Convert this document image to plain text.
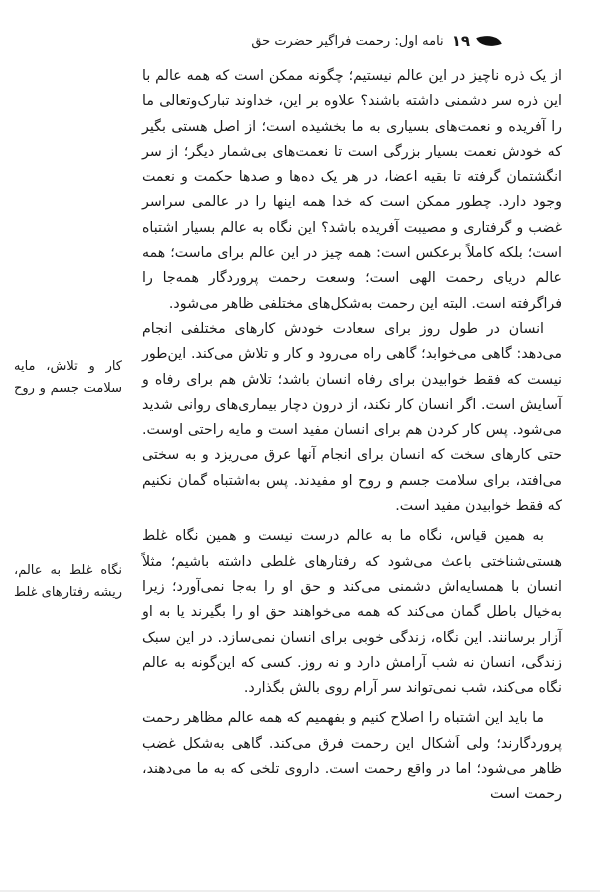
۱۹
نامه اول: رحمت فراگیر حضرت حق

از یک ذره ناچیز در این عالم نیستیم؛ چگونه ممکن است که همه عالم با این ذره سر دشمنی داشته باشند؟ علاوه بر این، خداوند تبارک‌وتعالی ما را آفریده و نعمت‌های بسیاری به ما بخشیده است؛ از اصل هستی بگیر که خودش نعمت بسیار بزرگی است تا نعمت‌های بی‌شمار دیگر؛ از سر انگشتمان گرفته تا بقیه اعضا، در هر یک ده‌ها و صدها حکمت و نعمت وجود دارد. چطور ممکن است که خدا همه اینها را در عالمی سراسر غضب و گرفتاری و مصیبت آفریده باشد؟ این نگاه به عالم بسیار اشتباه است؛ بلکه کاملاً برعکس است: همه چیز در این عالم برای ماست؛ همه عالم دریای رحمت الهی است؛ وسعت رحمت پروردگار همه‌جا را فراگرفته است. البته این رحمت به‌شکل‌های مختلفی ظاهر می‌شود.

انسان در طول روز برای سعادت خودش کارهای مختلفی انجام می‌دهد: گاهی می‌خوابد؛ گاهی راه می‌رود و کار و تلاش می‌کند. این‌طور نیست که فقط خوابیدن برای رفاه انسان باشد؛ تلاش هم برای رفاه و آسایش است. اگر انسان کار نکند، از درون دچار بیماری‌های روانی شدید می‌شود. پس کار کردن هم برای انسان مفید است و مایه راحتی اوست. حتی کارهای سخت که انسان برای انجام آنها عرق می‌ریزد و به سختی می‌افتد، برای سلامت جسم و روح او مفیدند. پس به‌اشتباه گمان نکنیم که فقط خوابیدن مفید است.

به همین قیاس، نگاه ما به عالم درست نیست و همین نگاه غلط هستی‌شناختی باعث می‌شود که رفتارهای غلطی داشته باشیم؛ مثلاً انسان با همسایه‌اش دشمنی می‌کند و حق او را به‌جا نمی‌آورد؛ زیرا به‌خیال باطل گمان می‌کند که همه می‌خواهند حق او را بگیرند یا به او آزار برسانند. این نگاه، زندگی خوبی برای انسان نمی‌سازد. در این سبک زندگی، انسان نه شب آرامش دارد و نه روز. کسی که این‌گونه به عالم نگاه می‌کند، شب نمی‌تواند سر آرام روی بالش بگذارد.

ما باید این اشتباه را اصلاح کنیم و بفهمیم که همه عالم مظاهر رحمت پروردگارند؛ ولی اَشکال این رحمت فرق می‌کند. گاهی به‌شکل غضب ظاهر می‌شود؛ اما در واقع رحمت است. داروی تلخی که به ما می‌دهند، رحمت است

کار و تلاش، مایه سلامت جسم و روح
نگاه غلط به عالم، ریشه رفتارهای غلط
